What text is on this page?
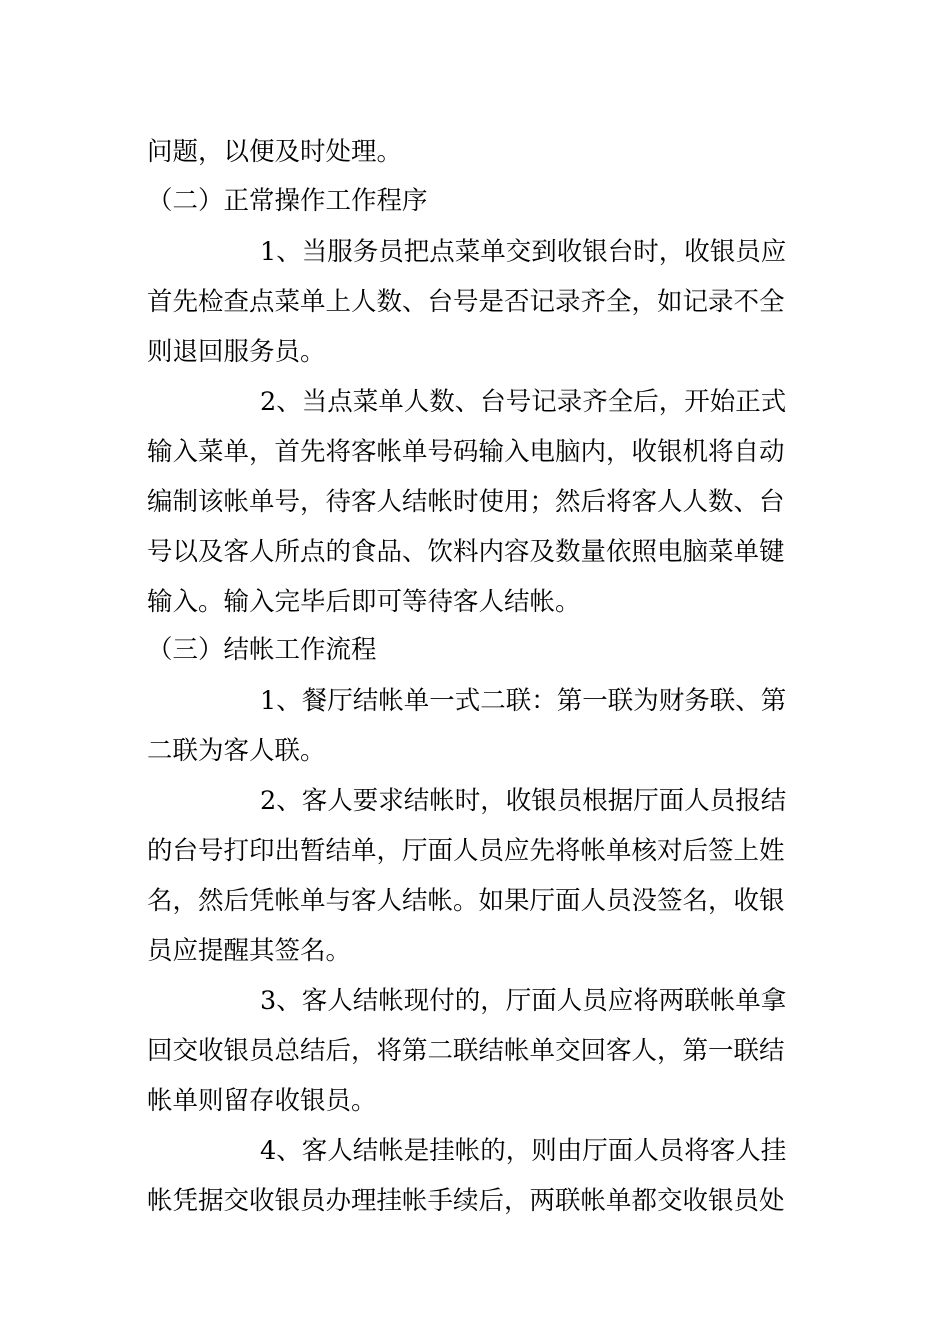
问题，以便及时处理。
（二）正常操作工作程序
1、当服务员把点菜单交到收银台时，收银员应
首先检查点菜单上人数、台号是否记录齐全，如记录不全
则退回服务员。
2、当点菜单人数、台号记录齐全后，开始正式
输入菜单，首先将客帐单号码输入电脑内，收银机将自动
编制该帐单号，待客人结帐时使用；然后将客人人数、台
号以及客人所点的食品、饮料内容及数量依照电脑菜单键
输入。输入完毕后即可等待客人结帐。
（三）结帐工作流程
1、餐厅结帐单一式二联：第一联为财务联、第
二联为客人联。
2、客人要求结帐时，收银员根据厅面人员报结
的台号打印出暂结单，厅面人员应先将帐单核对后签上姓
名，然后凭帐单与客人结帐。如果厅面人员没签名，收银
员应提醒其签名。
3、客人结帐现付的，厅面人员应将两联帐单拿
回交收银员总结后，将第二联结帐单交回客人，第一联结
帐单则留存收银员。
4、客人结帐是挂帐的，则由厅面人员将客人挂
帐凭据交收银员办理挂帐手续后，两联帐单都交收银员处
